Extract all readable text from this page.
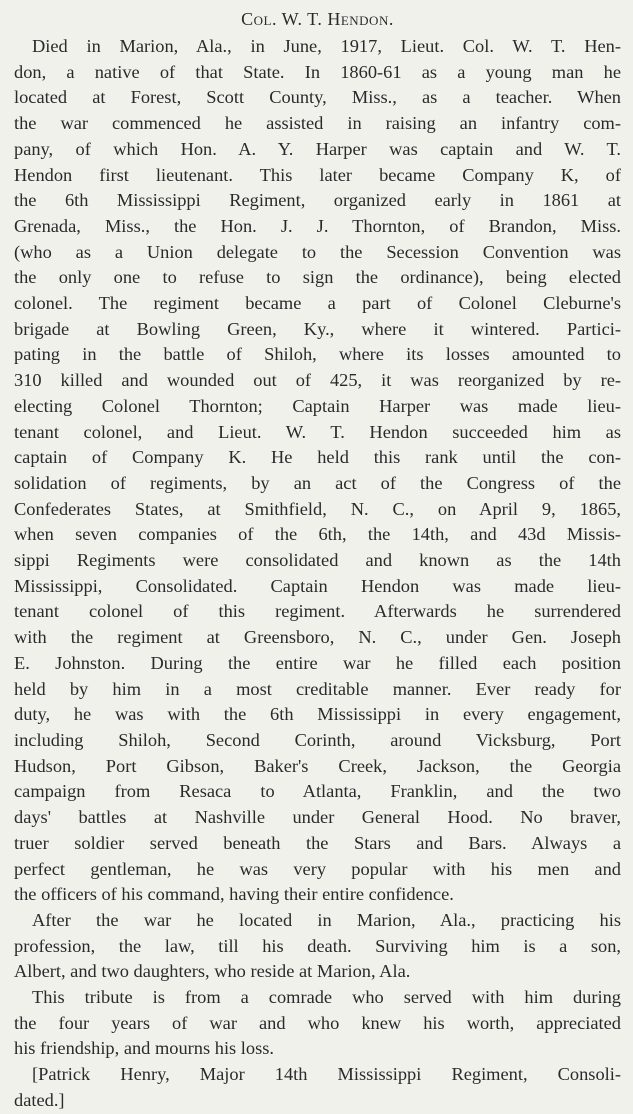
Col. W. T. Hendon.

Died in Marion, Ala., in June, 1917, Lieut. Col. W. T. Hen-
don, a native of that State. In 1860-61 as a young man he
located at Forest, Scott County, Miss., as a teacher. When
the war commenced he assisted in raising an infantry com-
pany, of which Hon. A. Y. Harper was captain and W. T.
Hendon first lieutenant. This later became Company K, of
the 6th Mississippi Regiment, organized early in 1861 at
Grenada, Miss., the Hon. J. J. Thornton, of Brandon, Miss.
(who as a Union delegate to the Secession Convention was
the only one to refuse to sign the ordinance), being elected
colonel. The regiment became a part of Colonel Cleburne's
brigade at Bowling Green, Ky., where it wintered. Partici-
pating in the battle of Shiloh, where its losses amounted to
310 killed and wounded out of 425, it was reorganized by re-
electing Colonel Thornton; Captain Harper was made lieu-
tenant colonel, and Lieut. W. T. Hendon succeeded him as
captain of Company K. He held this rank until the con-
solidation of regiments, by an act of the Congress of the
Confederates States, at Smithfield, N. C., on April 9, 1865,
when seven companies of the 6th, the 14th, and 43d Missis-
sippi Regiments were consolidated and known as the 14th
Mississippi, Consolidated. Captain Hendon was made lieu-
tenant colonel of this regiment. Afterwards he surrendered
with the regiment at Greensboro, N. C., under Gen. Joseph
E. Johnston. During the entire war he filled each position
held by him in a most creditable manner. Ever ready for
duty, he was with the 6th Mississippi in every engagement,
including Shiloh, Second Corinth, around Vicksburg, Port
Hudson, Port Gibson, Baker's Creek, Jackson, the Georgia
campaign from Resaca to Atlanta, Franklin, and the two
days' battles at Nashville under General Hood. No braver,
truer soldier served beneath the Stars and Bars. Always a
perfect gentleman, he was very popular with his men and
the officers of his command, having their entire confidence.

After the war he located in Marion, Ala., practicing his
profession, the law, till his death. Surviving him is a son,
Albert, and two daughters, who reside at Marion, Ala.

This tribute is from a comrade who served with him during
the four years of war and who knew his worth, appreciated
his friendship, and mourns his loss.

[Patrick Henry, Major 14th Mississippi Regiment, Consoli-
dated.]
